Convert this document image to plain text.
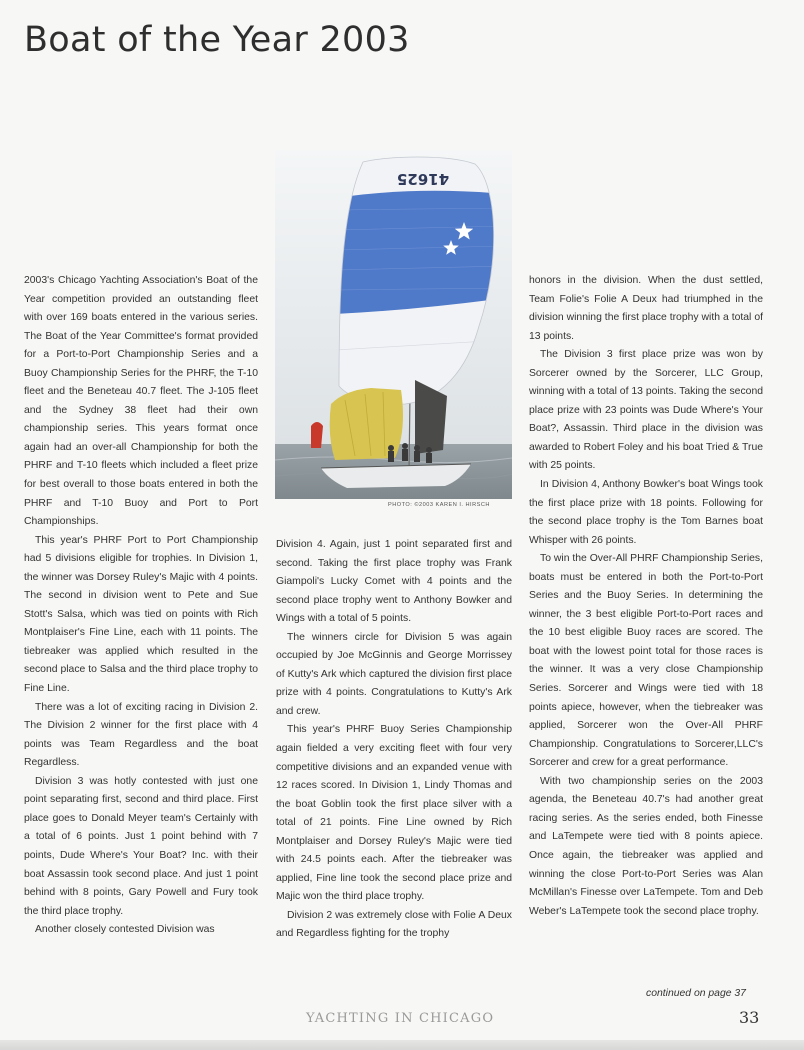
Boat of the Year 2003
41625
PHOTO: ©2003 KAREN I. HIRSCH

2003's Chicago Yachting Association's Boat of the Year competition provided an outstanding fleet with over 169 boats entered in the various series. The Boat of the Year Committee's format provided for a Port-to-Port Championship Series and a Buoy Championship Series for the PHRF, the T-10 fleet and the Beneteau 40.7 fleet. The J-105 fleet and the Sydney 38 fleet had their own championship series. This years format once again had an over-all Championship for both the PHRF and T-10 fleets which included a fleet prize for best overall to those boats entered in both the PHRF and T-10 Buoy and Port to Port Championships.

This year's PHRF Port to Port Championship had 5 divisions eligible for trophies. In Division 1, the winner was Dorsey Ruley's Majic with 4 points. The second in division went to Pete and Sue Stott's Salsa, which was tied on points with Rich Montplaiser's Fine Line, each with 11 points. The tiebreaker was applied which resulted in the second place to Salsa and the third place trophy to Fine Line.

There was a lot of exciting racing in Division 2. The Division 2 winner for the first place with 4 points was Team Regardless and the boat Regardless.

Division 3 was hotly contested with just one point separating first, second and third place. First place goes to Donald Meyer team's Certainly with a total of 6 points. Just 1 point behind with 7 points, Dude Where's Your Boat? Inc. with their boat Assassin took second place. And just 1 point behind with 8 points, Gary Powell and Fury took the third place trophy.

Another closely contested Division was

Division 4. Again, just 1 point separated first and second. Taking the first place trophy was Frank Giampoli's Lucky Comet with 4 points and the second place trophy went to Anthony Bowker and Wings with a total of 5 points.

The winners circle for Division 5 was again occupied by Joe McGinnis and George Morrissey of Kutty's Ark which captured the division first place prize with 4 points. Congratulations to Kutty's Ark and crew.

This year's PHRF Buoy Series Championship again fielded a very exciting fleet with four very competitive divisions and an expanded venue with 12 races scored. In Division 1, Lindy Thomas and the boat Goblin took the first place silver with a total of 21 points. Fine Line owned by Rich Montplaiser and Dorsey Ruley's Majic were tied with 24.5 points each. After the tiebreaker was applied, Fine line took the second place prize and Majic won the third place trophy.

Division 2 was extremely close with Folie A Deux and Regardless fighting for the trophy

honors in the division. When the dust settled, Team Folie's Folie A Deux had triumphed in the division winning the first place trophy with a total of 13 points.

The Division 3 first place prize was won by Sorcerer owned by the Sorcerer, LLC Group, winning with a total of 13 points. Taking the second place prize with 23 points was Dude Where's Your Boat?, Assassin. Third place in the division was awarded to Robert Foley and his boat Tried & True with 25 points.

In Division 4, Anthony Bowker's boat Wings took the first place prize with 18 points. Following for the second place trophy is the Tom Barnes boat Whisper with 26 points.

To win the Over-All PHRF Championship Series, boats must be entered in both the Port-to-Port Series and the Buoy Series. In determining the winner, the 3 best eligible Port-to-Port races and the 10 best eligible Buoy races are scored. The boat with the lowest point total for those races is the winner. It was a very close Championship Series. Sorcerer and Wings were tied with 18 points apiece, however, when the tiebreaker was applied, Sorcerer won the Over-All PHRF Championship. Congratulations to Sorcerer,LLC's Sorcerer and crew for a great performance.

With two championship series on the 2003 agenda, the Beneteau 40.7's had another great racing series. As the series ended, both Finesse and LaTempete were tied with 8 points apiece. Once again, the tiebreaker was applied and winning the close Port-to-Port Series was Alan McMillan's Finesse over LaTempete. Tom and Deb Weber's LaTempete took the second place trophy.

continued on page 37
YACHTING IN CHICAGO	33
